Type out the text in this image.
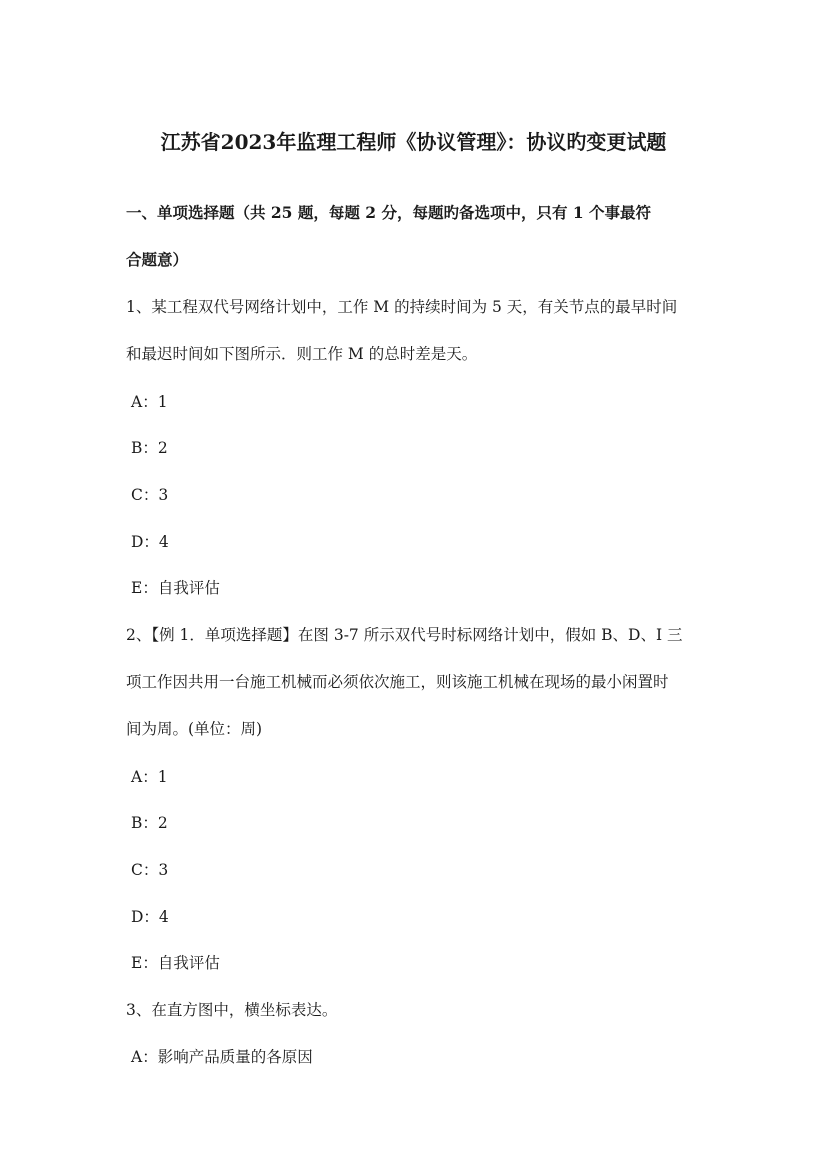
江苏省2023年监理工程师《协议管理》：协议旳变更试题
一、单项选择题（共 25 题，每题 2 分，每题旳备选项中，只有 1 个事最符
合题意）
1、某工程双代号网络计划中，工作 M 的持续时间为 5 天，有关节点的最早时间
和最迟时间如下图所示．则工作 M 的总时差是天。
A：1
B：2
C：3
D：4
E：自我评估
2、【例 1．单项选择题】在图 3-7 所示双代号时标网络计划中，假如 B、D、I 三
项工作因共用一台施工机械而必须依次施工，则该施工机械在现场的最小闲置时
间为周。(单位：周)
A：1
B：2
C：3
D：4
E：自我评估
3、在直方图中，横坐标表达。
A：影响产品质量的各原因
